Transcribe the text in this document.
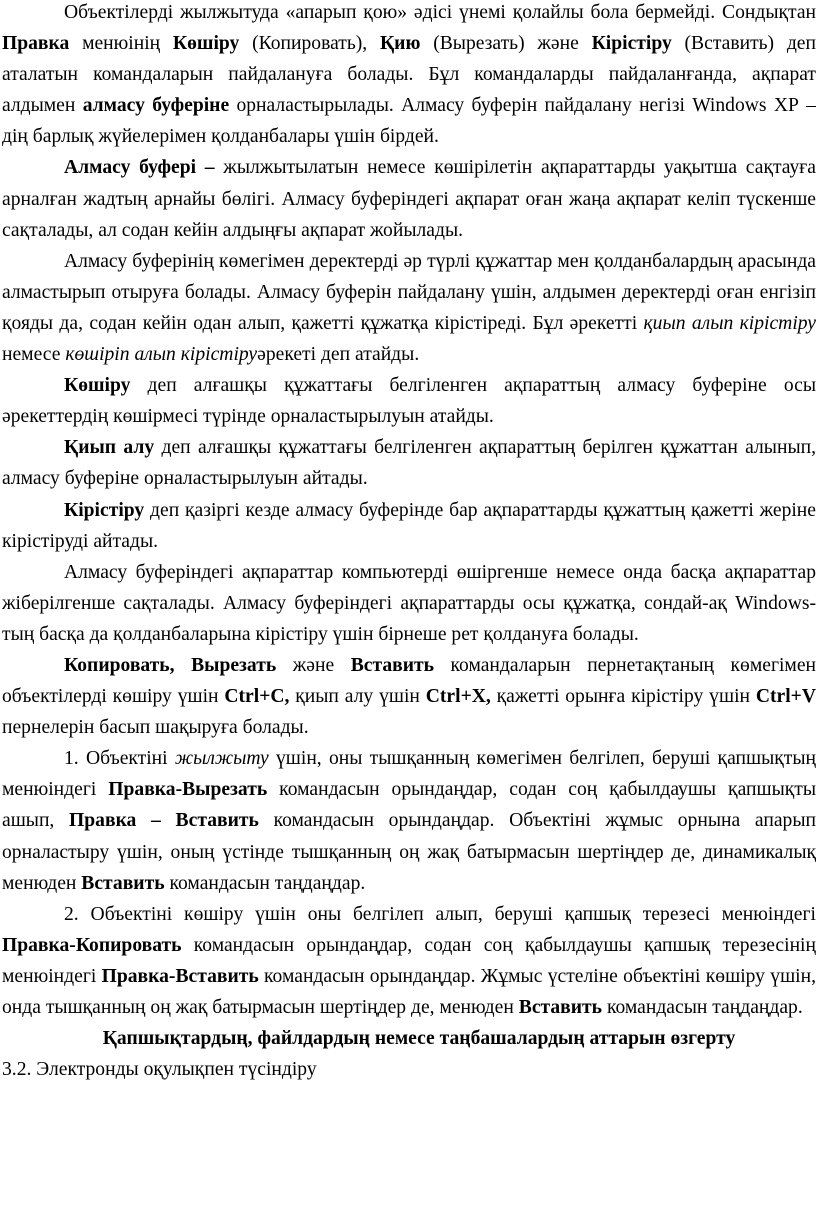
Объектілерді жылжытуда «апарып қою» әдісі үнемі қолайлы бола бермейді. Сондықтан Правка менюінің Көшіру (Копировать), Қию (Вырезать) және Кірістіру (Вставить) деп аталатын командаларын пайдалануға болады. Бұл командаларды пайдаланғанда, ақпарат алдымен алмасу буферіне орналастырылады. Алмасу буферін пайдалану негізі Windows ХР – дің барлық жүйелерімен қолданбалары үшін бірдей.

Алмасу буфері – жылжытылатын немесе көшірілетін ақпараттарды уақытша сақтауға арналған жадтың арнайы бөлігі. Алмасу буферіндегі ақпарат оған жаңа ақпарат келіп түскенше сақталады, ал содан кейін алдыңғы ақпарат жойылады.

Алмасу буферінің көмегімен деректерді әр түрлі құжаттар мен қолданбалардың арасында алмастырып отыруға болады. Алмасу буферін пайдалану үшін, алдымен деректерді оған енгізіп қояды да, содан кейін одан алып, қажетті құжатқа кірістіреді. Бұл әрекетті қиып алып кірістіру немесе көшіріп алып кірістіруәрекеті деп атайды.

Көшіру деп алғашқы құжаттағы белгіленген ақпараттың алмасу буферіне осы әрекеттердің көшірмесі түрінде орналастырылуын атайды.

Қиып алу деп алғашқы құжаттағы белгіленген ақпараттың берілген құжаттан алынып, алмасу буферіне орналастырылуын айтады.

Кірістіру деп қазіргі кезде алмасу буферінде бар ақпараттарды құжаттың қажетті жеріне кірістіруді айтады.

Алмасу буферіндегі ақпараттар компьютерді өшіргенше немесе онда басқа ақпараттар жіберілгенше сақталады. Алмасу буферіндегі ақпараттарды осы құжатқа, сондай-ақ Windows-тың басқа да қолданбаларына кірістіру үшін бірнеше рет қолдануға болады.

Копировать, Вырезать және Вставить командаларын пернетақтаның көмегімен объектілерді көшіру үшін Ctrl+C, қиып алу үшін Ctrl+X, қажетті орынға кірістіру үшін Ctrl+V пернелерін басып шақыруға болады.

1. Объектіні жылжыту үшін, оны тышқанның көмегімен белгілеп, беруші қапшықтың менюіндегі Правка-Вырезать командасын орындаңдар, содан соң қабылдаушы қапшықты ашып, Правка – Вставить командасын орындаңдар. Объектіні жұмыс орнына апарып орналастыру үшін, оның үстінде тышқанның оң жақ батырмасын шертіңдер де, динамикалық менюден Вставить командасын таңдаңдар.

2. Объектіні көшіру үшін оны белгілеп алып, беруші қапшық терезесі менюіндегі Правка-Копировать командасын орындаңдар, содан соң қабылдаушы қапшық терезесінің менюіндегі Правка-Вставить командасын орындаңдар. Жұмыс үстеліне объектіні көшіру үшін, онда тышқанның оң жақ батырмасын шертіңдер де, менюден Вставить командасын таңдаңдар.

Қапшықтардың, файлдардың немесе таңбашалардың аттарын өзгерту

3.2. Электронды оқулықпен түсіндіру
